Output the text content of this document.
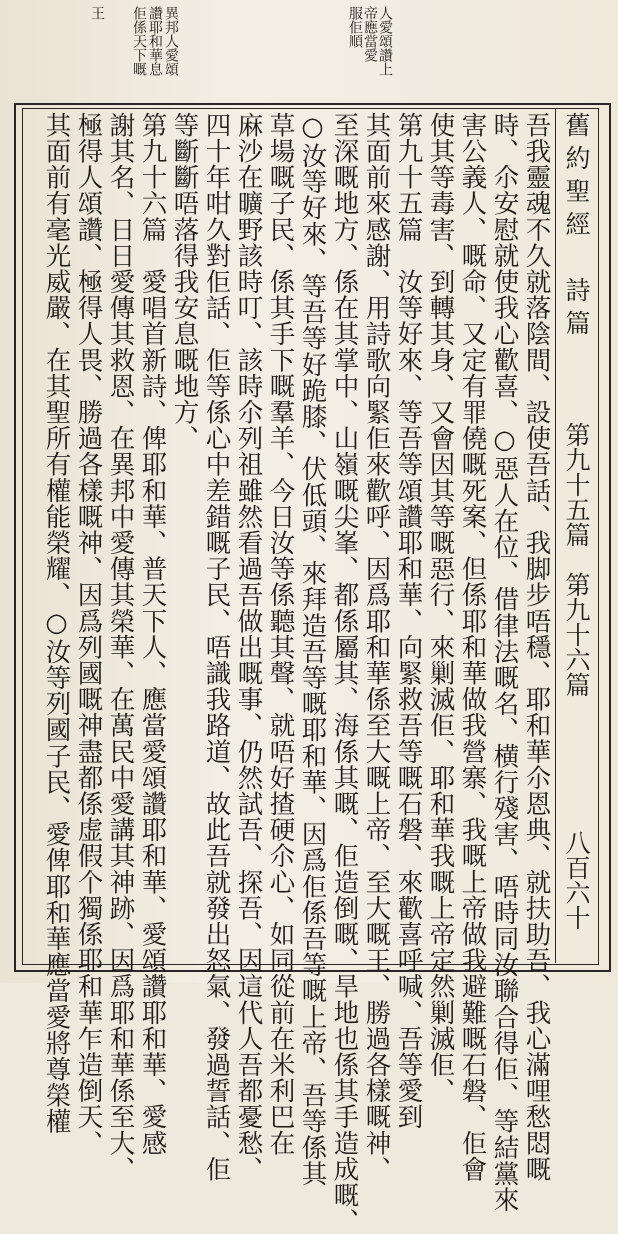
人愛頌讚上
帝應當愛
服佢順
異邦人愛頌
讚耶和華息
佢係天下嘅
王
舊約聖經　詩篇
第九十五篇　第九十六篇
八百六十
吾我靈魂不久就落陰間、設使吾話、我脚步唔穩、耶和華尒恩典、就扶助吾、我心滿哩愁悶嘅
時、尒安慰就使我心歡喜、○惡人在位、借律法嘅名、横行殘害、唔時同汝聯合得佢、等結黨來
害公義人、嘅命、又定有罪僥嘅死案、但係耶和華做我營寨、我嘅上帝做我避難嘅石磐、佢會
使其等毒害、到轉其身、又會因其等嘅惡行、來剿滅佢、耶和華我嘅上帝定然剿滅佢、
第九十五篇　汝等好來、等吾等頌讚耶和華、向緊救吾等嘅石磐、來歡喜呼喊、吾等愛到
其面前來感謝、用詩歌向緊佢來歡呼、因爲耶和華係至大嘅上帝、至大嘅王、勝過各樣嘅神、
至深嘅地方、係在其掌中、山嶺嘅尖峯、都係屬其、海係其嘅、佢造倒嘅、旱地也係其手造成嘅、
○汝等好來、等吾等好跪膝、伏低頭、來拜造吾等嘅耶和華、因爲佢係吾等嘅上帝、吾等係其
草場嘅子民、係其手下嘅羣羊、今日汝等係聽其聲、就唔好揸硬尒心、如同從前在米利巴在
麻沙在曠野該時叮、該時尒列祖雖然看過吾做出嘅事、仍然試吾、探吾、因這代人吾都憂愁、
四十年咁久對佢話、佢等係心中差錯嘅子民、唔識我路道、故此吾就發出怒氣、發過誓話、佢
等斷斷唔落得我安息嘅地方、
第九十六篇　愛唱首新詩、俾耶和華、普天下人、應當愛頌讚耶和華、愛頌讚耶和華、愛感
謝其名、日日愛傳其救恩、在異邦中愛傳其榮華、在萬民中愛講其神跡、因爲耶和華係至大、
極得人頌讚、極得人畏、勝過各樣嘅神、因爲列國嘅神盡都係虚假个獨係耶和華乍造倒天、
其面前有毫光威嚴、在其聖所有權能榮耀、○汝等列國子民、愛俾耶和華應當愛將尊榮權
